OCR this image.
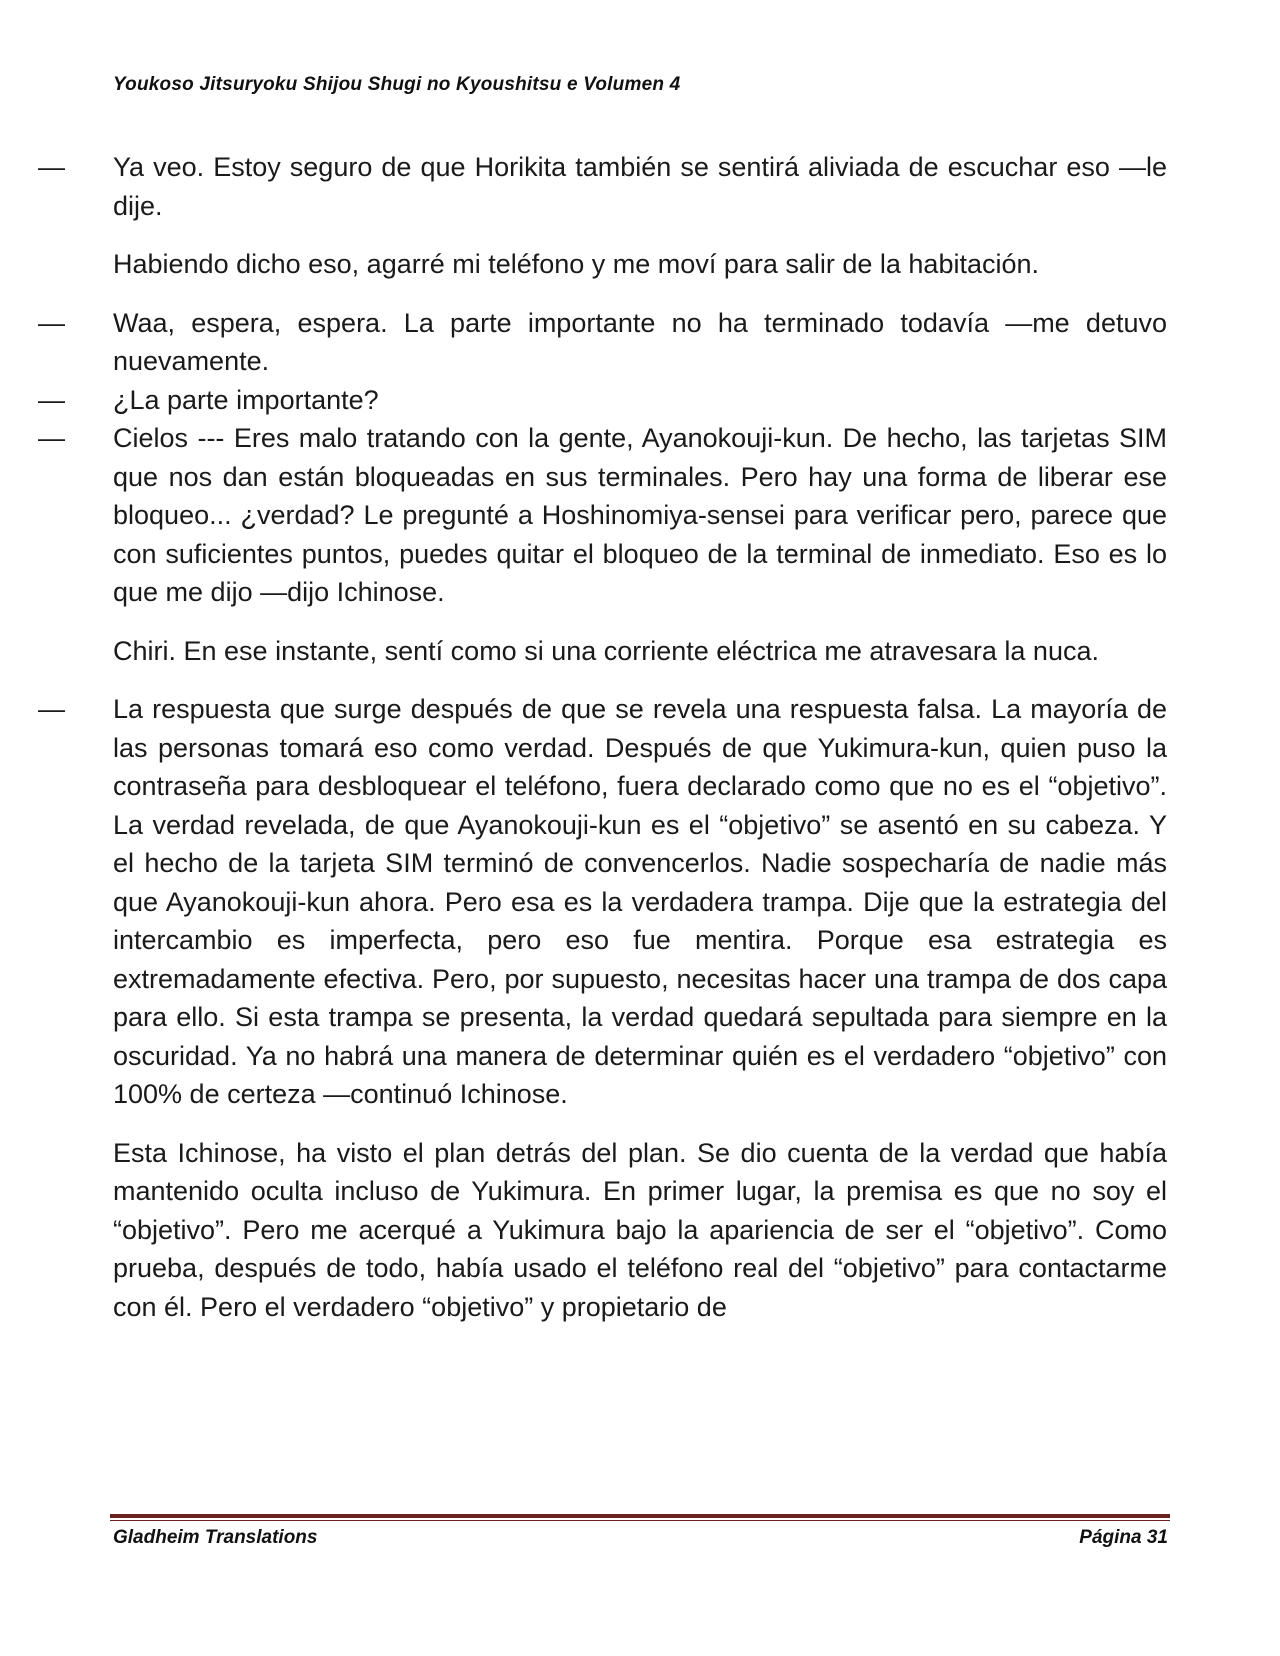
Youkoso Jitsuryoku Shijou Shugi no Kyoushitsu e Volumen 4

— Ya veo. Estoy seguro de que Horikita también se sentirá aliviada de escuchar eso —le dije.

Habiendo dicho eso, agarré mi teléfono y me moví para salir de la habitación.

— Waa, espera, espera. La parte importante no ha terminado todavía —me detuvo nuevamente.

— ¿La parte importante?

— Cielos --- Eres malo tratando con la gente, Ayanokouji-kun. De hecho, las tarjetas SIM que nos dan están bloqueadas en sus terminales. Pero hay una forma de liberar ese bloqueo... ¿verdad? Le pregunté a Hoshinomiya-sensei para verificar pero, parece que con suficientes puntos, puedes quitar el bloqueo de la terminal de inmediato. Eso es lo que me dijo —dijo Ichinose.

Chiri. En ese instante, sentí como si una corriente eléctrica me atravesara la nuca.

— La respuesta que surge después de que se revela una respuesta falsa. La mayoría de las personas tomará eso como verdad. Después de que Yukimura-kun, quien puso la contraseña para desbloquear el teléfono, fuera declarado como que no es el “objetivo”. La verdad revelada, de que Ayanokouji-kun es el “objetivo” se asentó en su cabeza. Y el hecho de la tarjeta SIM terminó de convencerlos. Nadie sospecharía de nadie más que Ayanokouji-kun ahora. Pero esa es la verdadera trampa. Dije que la estrategia del intercambio es imperfecta, pero eso fue mentira. Porque esa estrategia es extremadamente efectiva. Pero, por supuesto, necesitas hacer una trampa de dos capa para ello. Si esta trampa se presenta, la verdad quedará sepultada para siempre en la oscuridad. Ya no habrá una manera de determinar quién es el verdadero “objetivo” con 100% de certeza —continuó Ichinose.

Esta Ichinose, ha visto el plan detrás del plan. Se dio cuenta de la verdad que había mantenido oculta incluso de Yukimura. En primer lugar, la premisa es que no soy el “objetivo”. Pero me acerqué a Yukimura bajo la apariencia de ser el “objetivo”. Como prueba, después de todo, había usado el teléfono real del “objetivo” para contactarme con él. Pero el verdadero “objetivo” y propietario de

Gladheim Translations	Página 31
